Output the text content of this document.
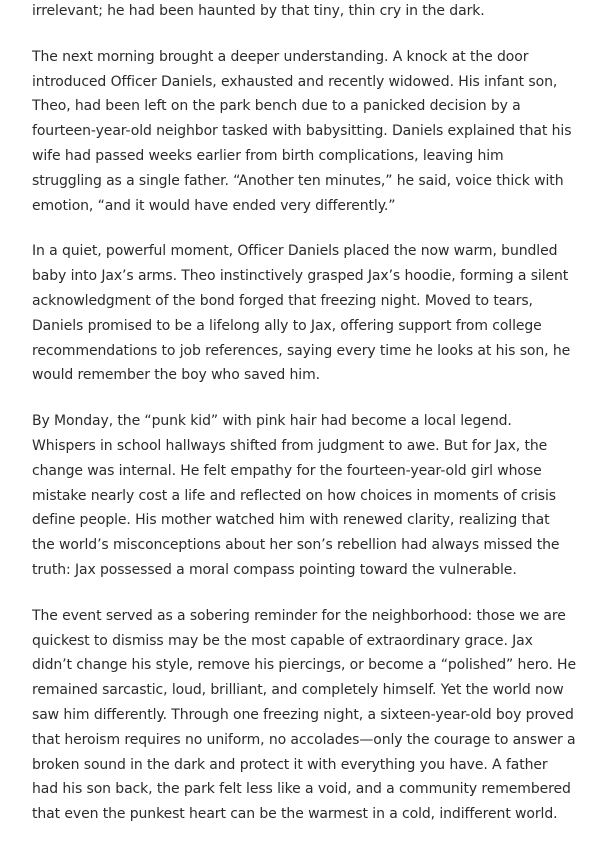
irrelevant; he had been haunted by that tiny, thin cry in the dark.

The next morning brought a deeper understanding. A knock at the door introduced Officer Daniels, exhausted and recently widowed. His infant son, Theo, had been left on the park bench due to a panicked decision by a fourteen-year-old neighbor tasked with babysitting. Daniels explained that his wife had passed weeks earlier from birth complications, leaving him struggling as a single father. “Another ten minutes,” he said, voice thick with emotion, “and it would have ended very differently.”

In a quiet, powerful moment, Officer Daniels placed the now warm, bundled baby into Jax’s arms. Theo instinctively grasped Jax’s hoodie, forming a silent acknowledgment of the bond forged that freezing night. Moved to tears, Daniels promised to be a lifelong ally to Jax, offering support from college recommendations to job references, saying every time he looks at his son, he would remember the boy who saved him.

By Monday, the “punk kid” with pink hair had become a local legend. Whispers in school hallways shifted from judgment to awe. But for Jax, the change was internal. He felt empathy for the fourteen-year-old girl whose mistake nearly cost a life and reflected on how choices in moments of crisis define people. His mother watched him with renewed clarity, realizing that the world’s misconceptions about her son’s rebellion had always missed the truth: Jax possessed a moral compass pointing toward the vulnerable.

The event served as a sobering reminder for the neighborhood: those we are quickest to dismiss may be the most capable of extraordinary grace. Jax didn’t change his style, remove his piercings, or become a “polished” hero. He remained sarcastic, loud, brilliant, and completely himself. Yet the world now saw him differently. Through one freezing night, a sixteen-year-old boy proved that heroism requires no uniform, no accolades—only the courage to answer a broken sound in the dark and protect it with everything you have. A father had his son back, the park felt less like a void, and a community remembered that even the punkest heart can be the warmest in a cold, indifferent world.
